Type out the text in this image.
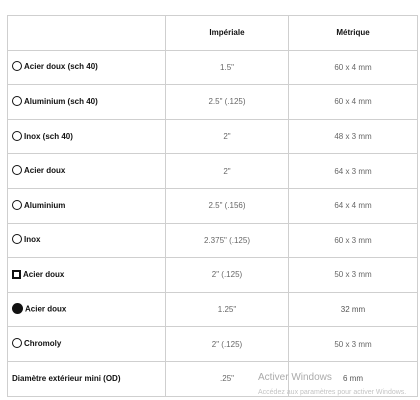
	Impériale	Métrique
Acier doux (sch 40)	1.5"	60 x 4 mm
Aluminium (sch 40)	2.5" (.125)	60 x 4 mm
Inox (sch 40)	2"	48 x 3 mm
Acier doux	2"	64 x 3 mm
Aluminium	2.5" (.156)	64 x 4 mm
Inox	2.375" (.125)	60 x 3 mm
Acier doux	2" (.125)	50 x 3 mm
Acier doux	1.25"	32 mm
Chromoly	2" (.125)	50 x 3 mm
Diamètre extérieur mini (OD)	.25"	6 mm
Activer Windows
Accédez aux paramètres pour activer Windows.
